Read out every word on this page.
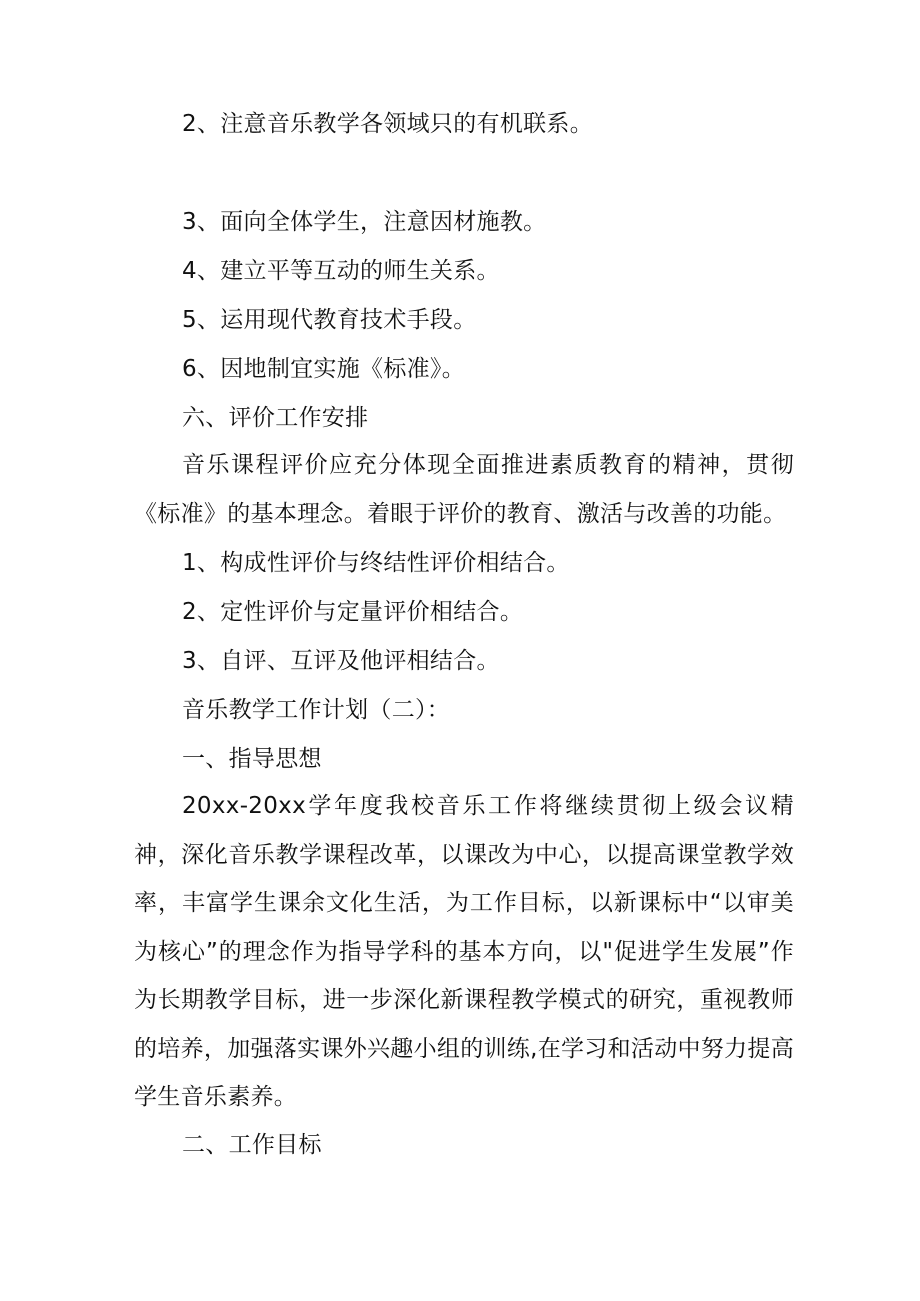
2、注意音乐教学各领域只的有机联系。
3、面向全体学生，注意因材施教。
4、建立平等互动的师生关系。
5、运用现代教育技术手段。
6、因地制宜实施《标准》。
六、评价工作安排
音乐课程评价应充分体现全面推进素质教育的精神，贯彻《标准》的基本理念。着眼于评价的教育、激活与改善的功能。
1、构成性评价与终结性评价相结合。
2、定性评价与定量评价相结合。
3、自评、互评及他评相结合。
音乐教学工作计划（二）：
一、指导思想
20xx-20xx学年度我校音乐工作将继续贯彻上级会议精神，深化音乐教学课程改革，以课改为中心，以提高课堂教学效率，丰富学生课余文化生活，为工作目标，以新课标中“以审美为核心”的理念作为指导学科的基本方向，以"促进学生发展”作为长期教学目标，进一步深化新课程教学模式的研究，重视教师的培养，加强落实课外兴趣小组的训练,在学习和活动中努力提高学生音乐素养。
二、工作目标
